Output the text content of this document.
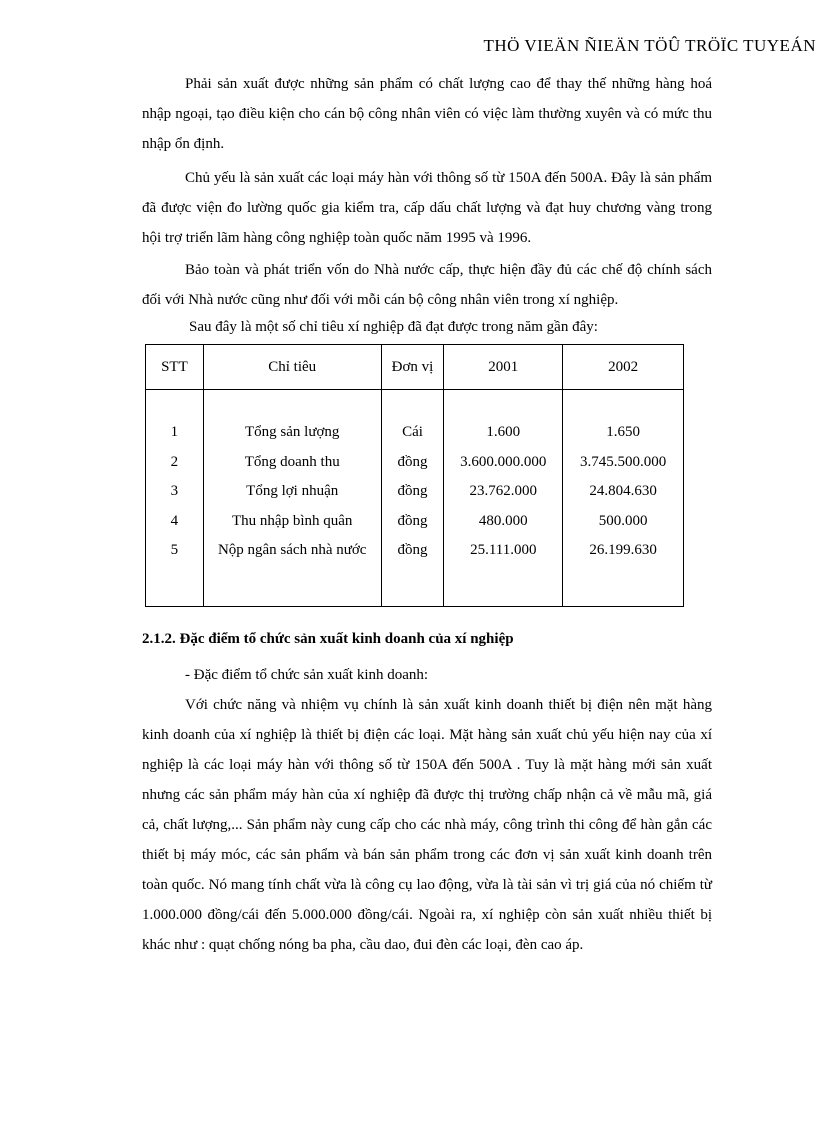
THÖ VIEÄN ÑIEÄN TÖÛ TRÖÏC TUYEÁN

Phải sản xuất được những sản phẩm có chất lượng cao để thay thế những hàng hoá nhập ngoại, tạo điều kiện cho cán bộ công nhân viên có việc làm thường xuyên và có mức thu nhập ổn định.

Chủ yếu là sản xuất các loại máy hàn với thông số từ 150A đến 500A. Đây là sản phẩm đã được viện đo lường quốc gia kiểm tra, cấp dấu chất lượng và đạt huy chương vàng trong hội trợ triển lãm hàng công nghiệp toàn quốc năm 1995 và 1996.

Bảo toàn và phát triển vốn do Nhà nước cấp, thực hiện đầy đủ các chế độ chính sách đối với Nhà nước cũng như đối với mỗi cán bộ công nhân viên trong xí nghiệp.

Sau đây là một số chỉ tiêu xí nghiệp đã đạt được trong năm gần đây:
STT	Chỉ tiêu	Đơn vị	2001	2002

1	Tổng sản lượng	Cái	1.600	1.650
2	Tổng doanh thu	đồng	3.600.000.000	3.745.500.000
3	Tổng lợi nhuận	đồng	23.762.000	24.804.630
4	Thu nhập bình quân	đồng	480.000	500.000
5	Nộp ngân sách nhà nước	đồng	25.111.000	26.199.630

2.1.2. Đặc điểm tổ chức sản xuất kinh doanh của xí nghiệp
- Đặc điểm tổ chức sản xuất kinh doanh:

Với chức năng và nhiệm vụ chính là sản xuất kinh doanh thiết bị điện nên mặt hàng kinh doanh của xí nghiệp là thiết bị điện các loại. Mặt hàng sản xuất chủ yếu hiện nay của xí nghiệp là các loại máy hàn với thông số từ 150A đến 500A . Tuy là mặt hàng mới sản xuất nhưng các sản phẩm máy hàn của xí nghiệp đã được thị trường chấp nhận cả về mẫu mã, giá cả, chất lượng,... Sản phẩm này cung cấp cho các nhà máy, công trình thi công để hàn gắn các thiết bị máy móc, các sản phẩm và bán sản phẩm trong các đơn vị sản xuất kinh doanh trên toàn quốc. Nó mang tính chất vừa là công cụ lao động, vừa là tài sản vì trị giá của nó chiếm từ 1.000.000 đồng/cái đến 5.000.000 đồng/cái. Ngoài ra, xí nghiệp còn sản xuất nhiều thiết bị khác như : quạt chống nóng ba pha, cầu dao, đui đèn các loại, đèn cao áp.
